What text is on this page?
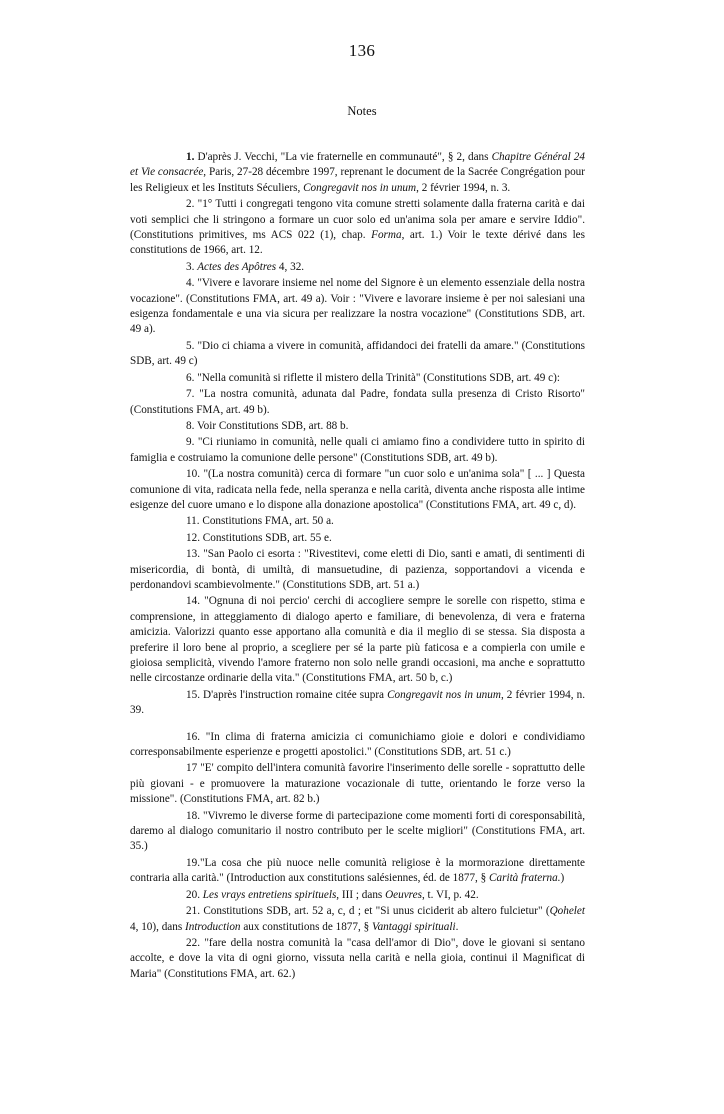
136
Notes

1. D'après J. Vecchi, "La vie fraternelle en communauté", § 2, dans Chapitre Général 24 et Vie consacrée, Paris, 27-28 décembre 1997, reprenant le document de la Sacrée Congrégation pour les Religieux et les Instituts Séculiers, Congregavit nos in unum, 2 février 1994, n. 3.

2. "1° Tutti i congregati tengono vita comune stretti solamente dalla fraterna carità e dai voti semplici che li stringono a formare un cuor solo ed un'anima sola per amare e servire Iddio". (Constitutions primitives, ms ACS 022 (1), chap. Forma, art. 1.) Voir le texte dérivé dans les constitutions de 1966, art. 12.

3. Actes des Apôtres 4, 32.

4. "Vivere e lavorare insieme nel nome del Signore è un elemento essenziale della nostra vocazione". (Constitutions FMA, art. 49 a). Voir : "Vivere e lavorare insieme è per noi salesiani una esigenza fondamentale e una via sicura per realizzare la nostra vocazione" (Constitutions SDB, art. 49 a).

5. "Dio ci chiama a vivere in comunità, affidandoci dei fratelli da amare." (Constitutions SDB, art. 49 c)

6. "Nella comunità si riflette il mistero della Trinità" (Constitutions SDB, art. 49 c):

7. "La nostra comunità, adunata dal Padre, fondata sulla presenza di Cristo Risorto" (Constitutions FMA, art. 49 b).

8. Voir Constitutions SDB, art. 88 b.

9. "Ci riuniamo in comunità, nelle quali ci amiamo fino a condividere tutto in spirito di famiglia e costruiamo la comunione delle persone" (Constitutions SDB, art. 49 b).

10. "(La nostra comunità) cerca di formare "un cuor solo e un'anima sola" [ ... ] Questa comunione di vita, radicata nella fede, nella speranza e nella carità, diventa anche risposta alle intime esigenze del cuore umano e lo dispone alla donazione apostolica" (Constitutions FMA, art. 49 c, d).

11. Constitutions FMA, art. 50 a.

12. Constitutions SDB, art. 55 e.

13. "San Paolo ci esorta : "Rivestitevi, come eletti di Dio, santi e amati, di sentimenti di misericordia, di bontà, di umiltà, di mansuetudine, di pazienza, sopportandovi a vicenda e perdonandovi scambievolmente." (Constitutions SDB, art. 51 a.)

14. "Ognuna di noi percio' cerchi di accogliere sempre le sorelle con rispetto, stima e comprensione, in atteggiamento di dialogo aperto e familiare, di benevolenza, di vera e fraterna amicizia. Valorizzi quanto esse apportano alla comunità e dia il meglio di se stessa. Sia disposta a preferire il loro bene al proprio, a scegliere per sé la parte più faticosa e a compierla con umile e gioiosa semplicità, vivendo l'amore fraterno non solo nelle grandi occasioni, ma anche e soprattutto nelle circostanze ordinarie della vita." (Constitutions FMA, art. 50 b, c.)

15. D'après l'instruction romaine citée supra Congregavit nos in unum, 2 février 1994, n. 39.

16. "In clima di fraterna amicizia ci comunichiamo gioie e dolori e condividiamo corresponsabilmente esperienze e progetti apostolici." (Constitutions SDB, art. 51 c.)

17 "E' compito dell'intera comunità favorire l'inserimento delle sorelle - soprattutto delle più giovani - e promuovere la maturazione vocazionale di tutte, orientando le forze verso la missione". (Constitutions FMA, art. 82 b.)

18. "Vivremo le diverse forme di partecipazione come momenti forti di coresponsabilità, daremo al dialogo comunitario il nostro contributo per le scelte migliori" (Constitutions FMA, art. 35.)

19."La cosa che più nuoce nelle comunità religiose è la mormorazione direttamente contraria alla carità." (Introduction aux constitutions salésiennes, éd. de 1877, § Carità fraterna.)

20. Les vrays entretiens spirituels, III ; dans Oeuvres, t. VI, p. 42.

21. Constitutions SDB, art. 52 a, c, d ; et "Si unus ciciderit ab altero fulcietur" (Qohelet 4, 10), dans Introduction aux constitutions de 1877, § Vantaggi spirituali.

22. "fare della nostra comunità la "casa dell'amor di Dio", dove le giovani si sentano accolte, e dove la vita di ogni giorno, vissuta nella carità e nella gioia, continui il Magnificat di Maria" (Constitutions FMA, art. 62.)
